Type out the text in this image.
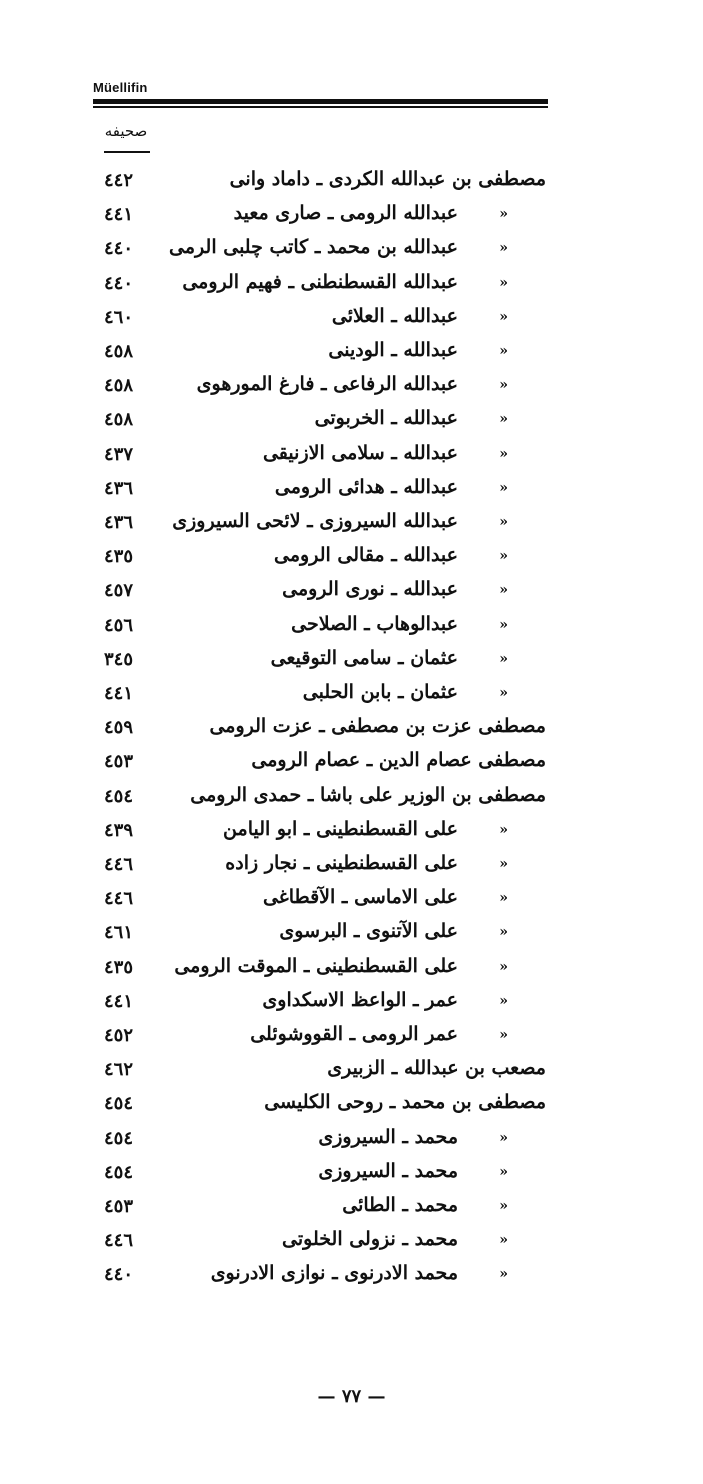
Müellifin
صحيفه
٤٤٢	مصطفى بن عبدالله الكردى ـ داماد وانى
٤٤١	عبدالله الرومى ـ صارى معيد	»
٤٤٠ عبدالله بن محمد ـ كاتب چلبى الرمى	»
٤٤٠	عبدالله القسطنطنى ـ فهيم الرومى	»
٤٦٠	عبدالله ـ العلائى	»
٤٥٨	عبدالله ـ الودينى	»
٤٥٨	عبدالله الرفاعى ـ فارغ المورهوى	»
٤٥٨	عبدالله ـ الخربوتى	»
٤٣٧	عبدالله ـ سلامى الازنيقى	»
٤٣٦	عبدالله ـ هدائى الرومى	»
٤٣٦ عبدالله السيروزى ـ لائحى السيروزى	»
٤٣٥	عبدالله ـ مقالى الرومى	»
٤٥٧	عبدالله ـ نورى الرومى	»
٤٥٦	عبدالوهاب ـ الصلاحى	»
٣٤٥	عثمان ـ سامى التوقيعى	»
٤٤١	عثمان ـ بابن الحلبى	»
٤٥٩	مصطفى عزت بن مصطفى ـ عزت الرومى
٤٥٣	مصطفى عصام الدين ـ عصام الرومى
٤٥٤	مصطفى بن الوزير على باشا ـ حمدى الرومى
٤٣٩	على القسطنطينى ـ ابو اليامن	»
٤٤٦	على القسطنطينى ـ نجار زاده	»
٤٤٦	على الاماسى ـ الآقطاغى	»
٤٦١	على الآتنوى ـ البرسوى	»
٤٣٥ على القسطنطينى ـ الموقت الرومى	»
٤٤١	عمر ـ الواعظ الاسكداوى	»
٤٥٢	عمر الرومى ـ القووشوئلى	»
٤٦٢	مصعب بن عبدالله ـ الزبيرى
٤٥٤	مصطفى بن محمد ـ روحى الكليسى
٤٥٤	محمد ـ السيروزى	»
٤٥٤	محمد ـ السيروزى	»
٤٥٣	محمد ـ الطائى	»
٤٤٦	محمد ـ نزولى الخلوتى	»
٤٤٠	محمد الادرنوى ـ نوازى الادرنوى	»
— ٧٧ —
